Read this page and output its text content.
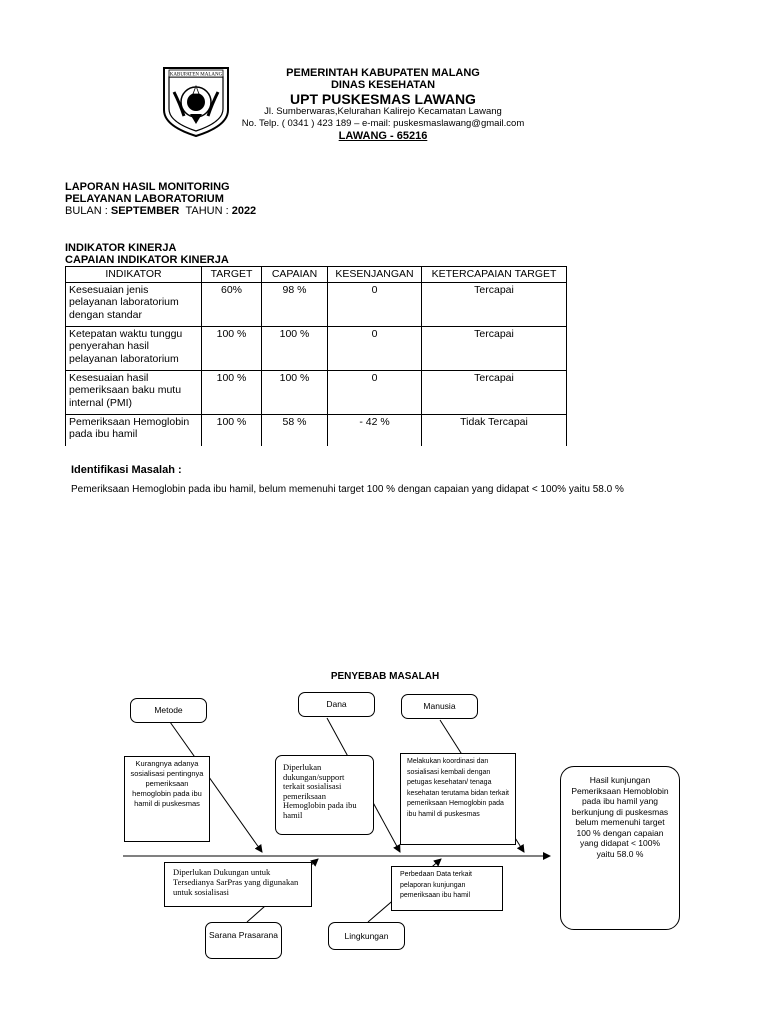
KABUPATEN MALANG	PEMERINTAH KABUPATEN MALANG
DINAS KESEHATAN
UPT PUSKESMAS LAWANG
Jl. Sumberwaras,Kelurahan Kalirejo Kecamatan Lawang
No. Telp. ( 0341 ) 423 189 – e-mail: puskesmaslawang@gmail.com
LAWANG - 65216
LAPORAN HASIL MONITORING
PELAYANAN LABORATORIUM
BULAN : SEPTEMBER TAHUN : 2022
INDIKATOR KINERJA
CAPAIAN INDIKATOR KINERJA
INDIKATOR	TARGET	CAPAIAN	KESENJANGAN	KETERCAPAIAN TARGET
Kesesuaian jenis pelayanan laboratorium dengan standar	60%	98 %	0	Tercapai
Ketepatan waktu tunggu penyerahan hasil pelayanan laboratorium	100 %	100 %	0	Tercapai
Kesesuaian hasil pemeriksaan baku mutu internal (PMI)	100 %	100 %	0	Tercapai
Pemeriksaan Hemoglobin pada ibu hamil	100 %	58 %	- 42 %	Tidak Tercapai
Identifikasi Masalah :
Pemeriksaan Hemoglobin pada ibu hamil, belum memenuhi target 100 % dengan capaian yang didapat < 100% yaitu 58.0 %
PENYEBAB MASALAH
Metode
Dana	Manusia
Sarana Prasarana	Lingkungan
Kurangnya adanya sosialisasi pentingnya pemeriksaan hemoglobin pada ibu hamil di puskesmas
Diperlukan dukungan/support terkait sosialisasi pemeriksaan Hemoglobin pada ibu hamil
Melakukan koordinasi dan sosialisasi kembali dengan petugas kesehatan/ tenaga kesehatan terutama bidan terkait pemeriksaan Hemoglobin pada ibu hamil di puskesmas
Diperlukan Dukungan untuk Tersedianya SarPras yang digunakan untuk sosialisasi
Perbedaan Data terkait pelaporan kunjungan pemeriksaan ibu hamil
Hasil kunjungan Pemeriksaan Hemoblobin pada ibu hamil yang berkunjung di puskesmas belum memenuhi target 100 % dengan capaian yang didapat < 100% yaitu 58.0 %
